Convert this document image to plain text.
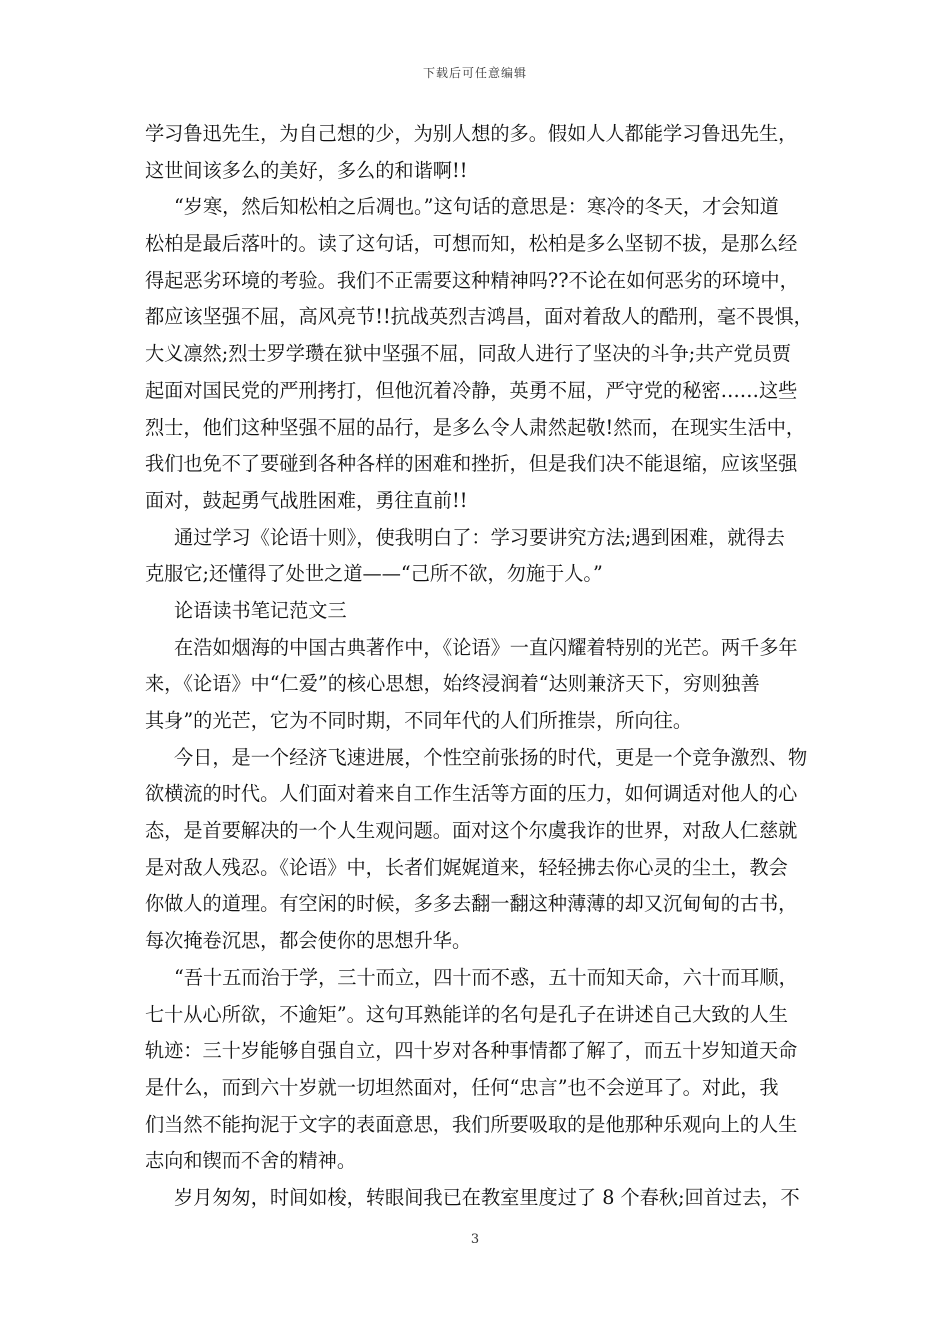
下载后可任意编辑
学习鲁迅先生，为自己想的少，为别人想的多。假如人人都能学习鲁迅先生，
这世间该多么的美好，多么的和谐啊!!
“岁寒，然后知松柏之后凋也。”这句话的意思是：寒冷的冬天，才会知道
松柏是最后落叶的。读了这句话，可想而知，松柏是多么坚韧不拔，是那么经
得起恶劣环境的考验。我们不正需要这种精神吗??不论在如何恶劣的环境中，
都应该坚强不屈，高风亮节!!抗战英烈吉鸿昌，面对着敌人的酷刑，毫不畏惧，
大义凛然;烈士罗学瓒在狱中坚强不屈，同敌人进行了坚决的斗争;共产党员贾
起面对国民党的严刑拷打，但他沉着冷静，英勇不屈，严守党的秘密……这些
烈士，他们这种坚强不屈的品行，是多么令人肃然起敬!然而，在现实生活中，
我们也免不了要碰到各种各样的困难和挫折，但是我们决不能退缩，应该坚强
面对，鼓起勇气战胜困难，勇往直前!!
通过学习《论语十则》，使我明白了：学习要讲究方法;遇到困难，就得去
克服它;还懂得了处世之道——“己所不欲，勿施于人。”
论语读书笔记范文三
在浩如烟海的中国古典著作中，《论语》一直闪耀着特别的光芒。两千多年
来，《论语》中“仁爱”的核心思想，始终浸润着“达则兼济天下，穷则独善
其身”的光芒，它为不同时期，不同年代的人们所推崇，所向往。
今日，是一个经济飞速进展，个性空前张扬的时代，更是一个竞争激烈、物
欲横流的时代。人们面对着来自工作生活等方面的压力，如何调适对他人的心
态，是首要解决的一个人生观问题。面对这个尔虞我诈的世界，对敌人仁慈就
是对敌人残忍。《论语》中，长者们娓娓道来，轻轻拂去你心灵的尘土，教会
你做人的道理。有空闲的时候，多多去翻一翻这种薄薄的却又沉甸甸的古书，
每次掩卷沉思，都会使你的思想升华。
“吾十五而治于学，三十而立，四十而不惑，五十而知天命，六十而耳顺，
七十从心所欲，不逾矩”。这句耳熟能详的名句是孔子在讲述自己大致的人生
轨迹：三十岁能够自强自立，四十岁对各种事情都了解了，而五十岁知道天命
是什么，而到六十岁就一切坦然面对，任何“忠言”也不会逆耳了。对此，我
们当然不能拘泥于文字的表面意思，我们所要吸取的是他那种乐观向上的人生
志向和锲而不舍的精神。
岁月匆匆，时间如梭，转眼间我已在教室里度过了 8 个春秋;回首过去，不
3
